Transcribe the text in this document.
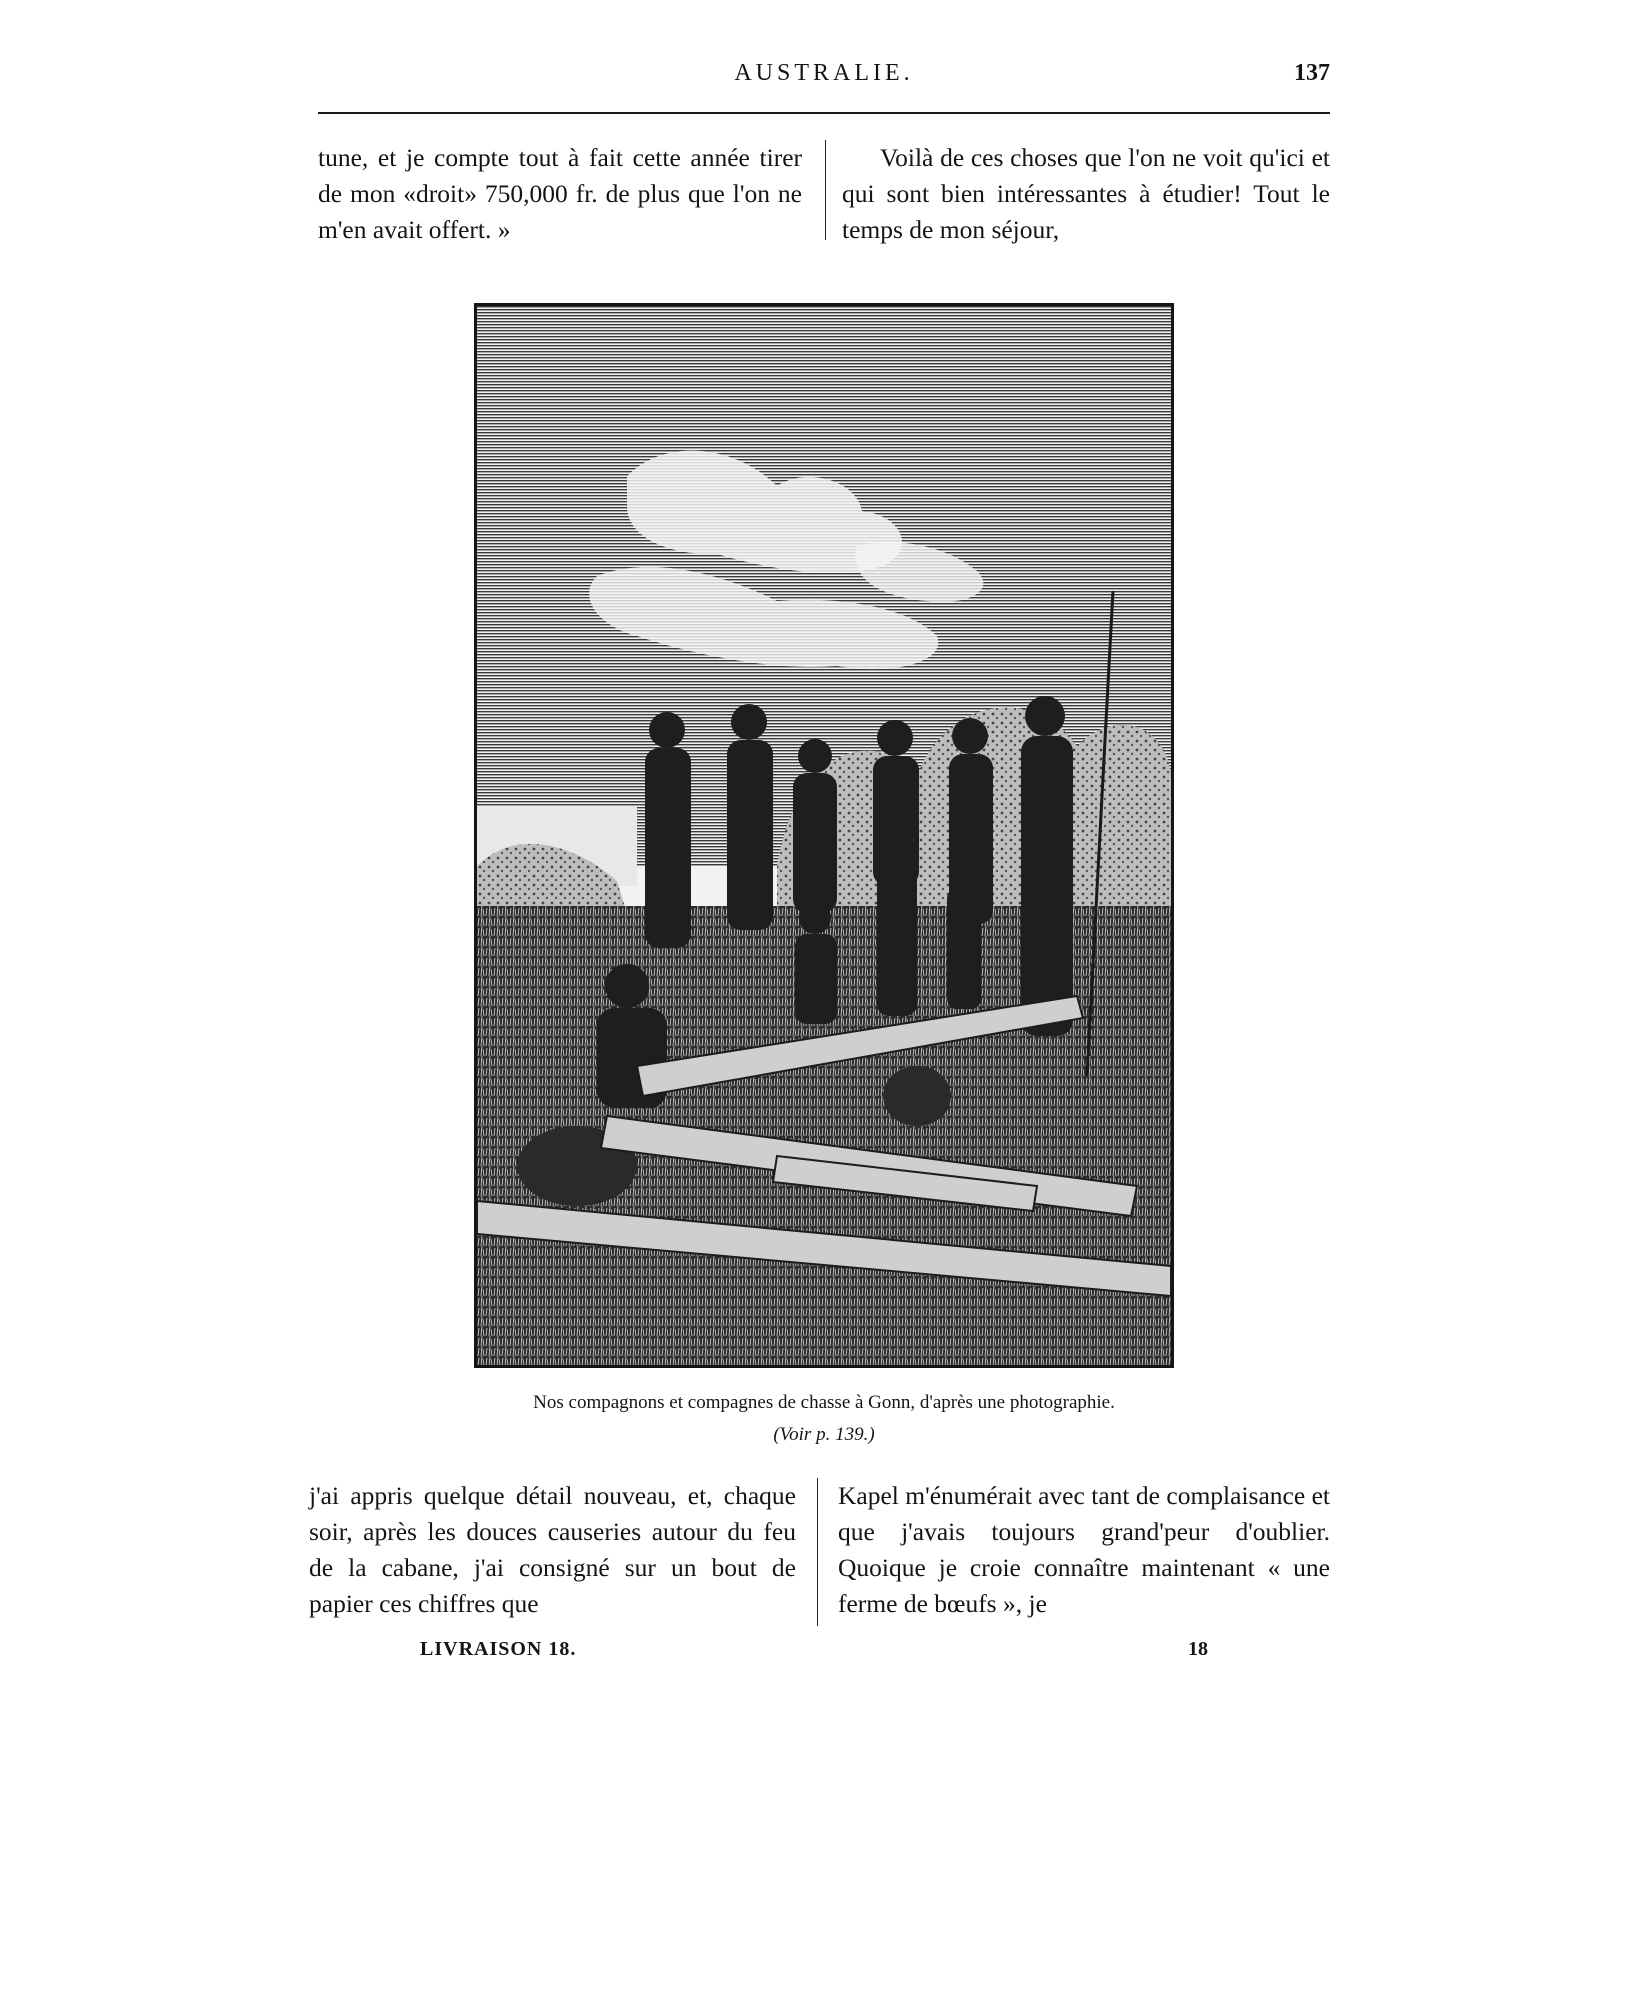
AUSTRALIE.	137

tune, et je compte tout à fait cette année tirer de mon «droit» 750,000 fr. de plus que l'on ne m'en avait offert. »

Voilà de ces choses que l'on ne voit qu'ici et qui sont bien intéressantes à étudier! Tout le temps de mon séjour,

Nos compagnons et compagnes de chasse à Gonn, d'après une photographie.
(Voir p. 139.)

j'ai appris quelque détail nouveau, et, chaque soir, après les douces causeries autour du feu de la cabane, j'ai consigné sur un bout de papier ces chiffres que

Kapel m'énumérait avec tant de complaisance et que j'avais toujours grand'peur d'oublier. Quoique je croie connaître maintenant « une ferme de bœufs », je

LIVRAISON 18.	18
